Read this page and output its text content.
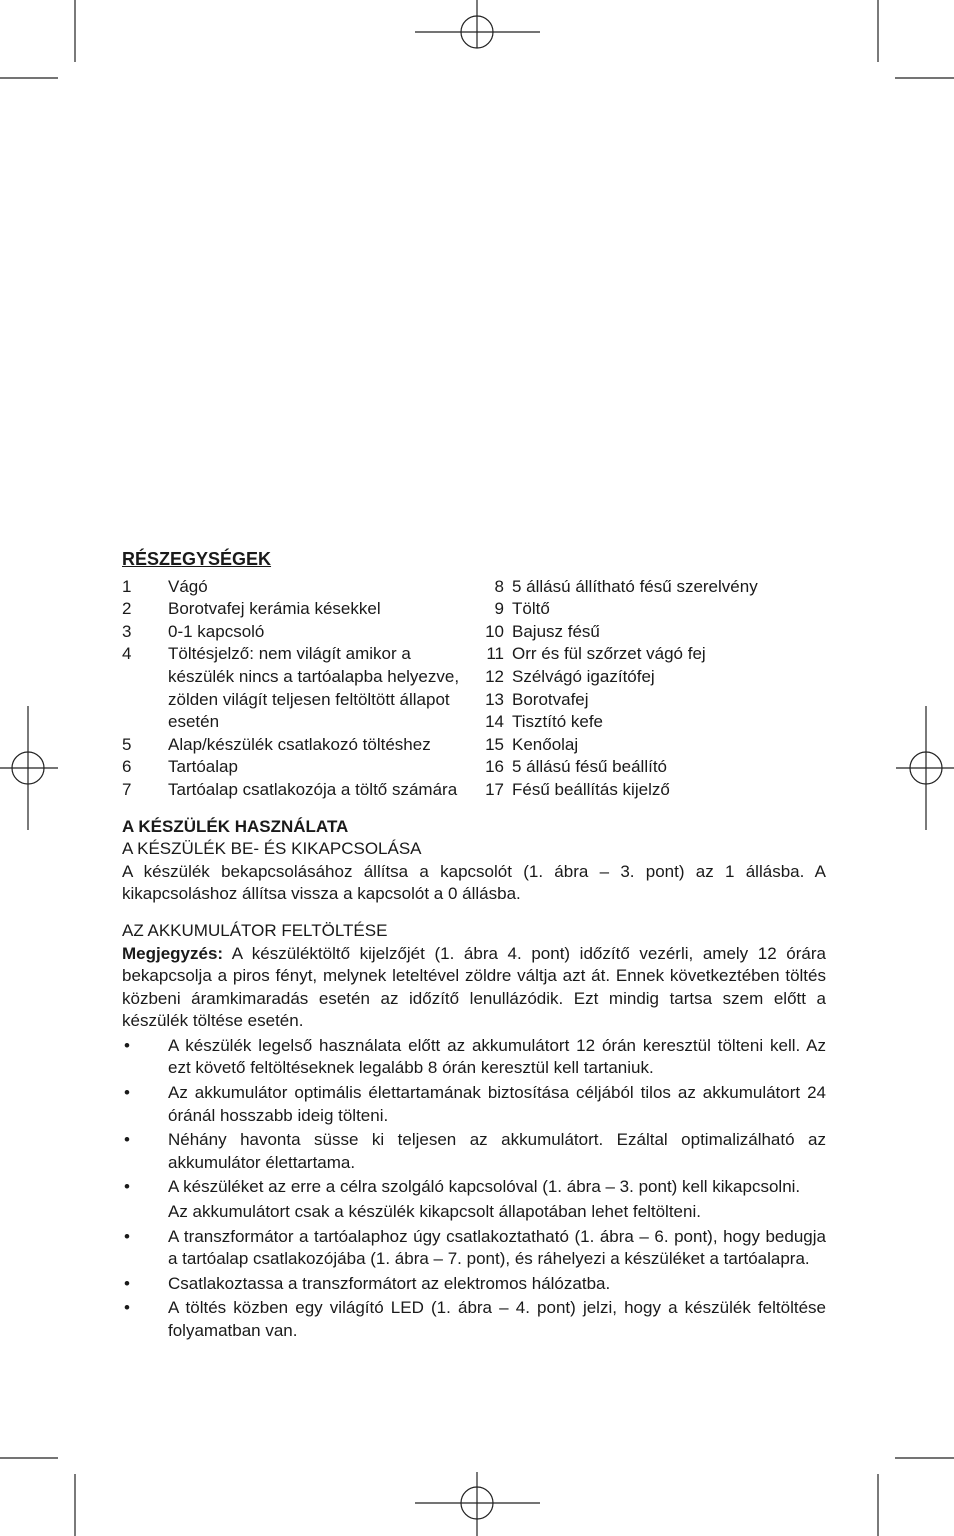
RÉSZEGYSÉGEK
1	Vágó
2	Borotvafej kerámia késekkel
3	0-1 kapcsoló
4	Töltésjelző: nem világít amikor a készülék nincs a tartóalapba helyezve, zölden világít teljesen feltöltött állapot esetén
5	Alap/készülék csatlakozó töltéshez
6	Tartóalap
7	Tartóalap csatlakozója a töltő számára
8 5 állású állítható fésű szerelvény
9 Töltő
10 Bajusz fésű
11 Orr és fül szőrzet vágó fej
12 Szélvágó igazítófej
13 Borotvafej
14 Tisztító kefe
15 Kenőolaj
16 5 állású fésű beállító
17 Fésű beállítás kijelző
A KÉSZÜLÉK HASZNÁLATA
A KÉSZÜLÉK BE- ÉS KIKAPCSOLÁSA

A készülék bekapcsolásához állítsa a kapcsolót (1. ábra – 3. pont) az 1 állásba. A kikapcsoláshoz állítsa vissza a kapcsolót a 0 állásba.

AZ AKKUMULÁTOR FELTÖLTÉSE

Megjegyzés: A készüléktöltő kijelzőjét (1. ábra 4. pont) időzítő vezérli, amely 12 órára bekapcsolja a piros fényt, melynek leteltével zöldre váltja azt át. Ennek következtében töltés közbeni áramkimaradás esetén az időzítő lenullázódik. Ezt mindig tartsa szem előtt a készülék töltése esetén.

• A készülék legelső használata előtt az akkumulátort 12 órán keresztül tölteni kell. Az ezt követő feltöltéseknek legalább 8 órán keresztül kell tartaniuk.
• Az akkumulátor optimális élettartamának biztosítása céljából tilos az akkumulátort 24 óránál hosszabb ideig tölteni.
• Néhány havonta süsse ki teljesen az akkumulátort. Ezáltal optimalizálható az akkumulátor élettartama.
• A készüléket az erre a célra szolgáló kapcsolóval (1. ábra – 3. pont) kell kikapcsolni.
Az akkumulátort csak a készülék kikapcsolt állapotában lehet feltölteni.
• A transzformátor a tartóalaphoz úgy csatlakoztatható (1. ábra – 6. pont), hogy bedugja a tartóalap csatlakozójába (1. ábra – 7. pont), és ráhelyezi a készüléket a tartóalapra.
• Csatlakoztassa a transzformátort az elektromos hálózatba.
• A töltés közben egy világító LED (1. ábra – 4. pont) jelzi, hogy a készülék feltöltése folyamatban van.
